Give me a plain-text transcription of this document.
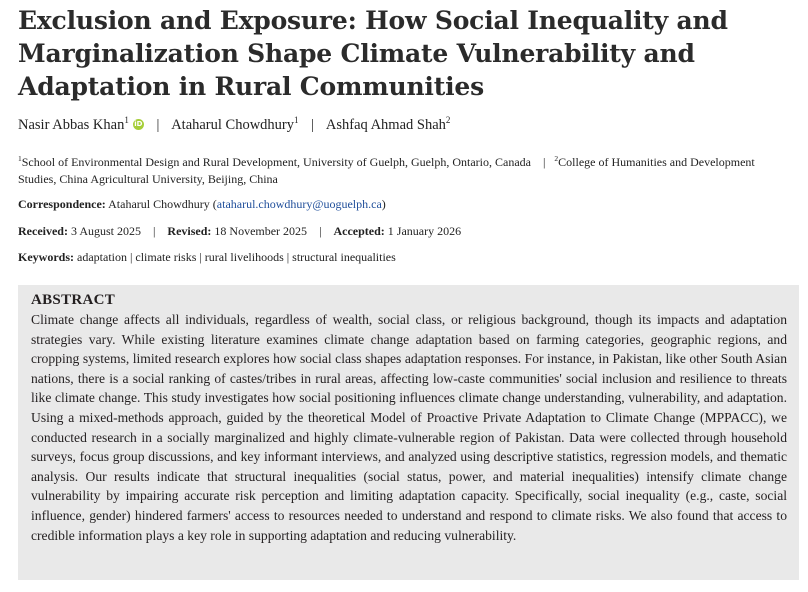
Exclusion and Exposure: How Social Inequality and Marginalization Shape Climate Vulnerability and Adaptation in Rural Communities
Nasir Abbas Khan$^1$ iD | Ataharul Chowdhury$^1$ | Ashfaq Ahmad Shah$^2$
$^1$School of Environmental Design and Rural Development, University of Guelph, Guelph, Ontario, Canada | $^2$College of Humanities and Development Studies, China Agricultural University, Beijing, China
Correspondence: Ataharul Chowdhury (ataharul.chowdhury@uoguelph.ca)
Received: 3 August 2025 | Revised: 18 November 2025 | Accepted: 1 January 2026
Keywords: adaptation | climate risks | rural livelihoods | structural inequalities
ABSTRACT

Climate change affects all individuals, regardless of wealth, social class, or religious background, though its impacts and adaptation strategies vary. While existing literature examines climate change adaptation based on farming categories, geographic regions, and cropping systems, limited research explores how social class shapes adaptation responses. For instance, in Pakistan, like other South Asian nations, there is a social ranking of castes/tribes in rural areas, affecting low-caste communities' social inclusion and resilience to threats like climate change. This study investigates how social positioning influences climate change understanding, vulnerability, and adaptation. Using a mixed-methods approach, guided by the theoretical Model of Proactive Private Adaptation to Climate Change (MPPACC), we conducted research in a socially marginalized and highly climate-vulnerable region of Pakistan. Data were collected through household surveys, focus group discussions, and key informant interviews, and analyzed using descriptive statistics, regression models, and thematic analysis. Our results indicate that structural inequalities (social status, power, and material inequalities) intensify climate change vulnerability by impairing accurate risk perception and limiting adaptation capacity. Specifically, social inequality (e.g., caste, social influence, gender) hindered farmers' access to resources needed to understand and respond to climate risks. We also found that access to credible information plays a key role in supporting adaptation and reducing vulnerability.
